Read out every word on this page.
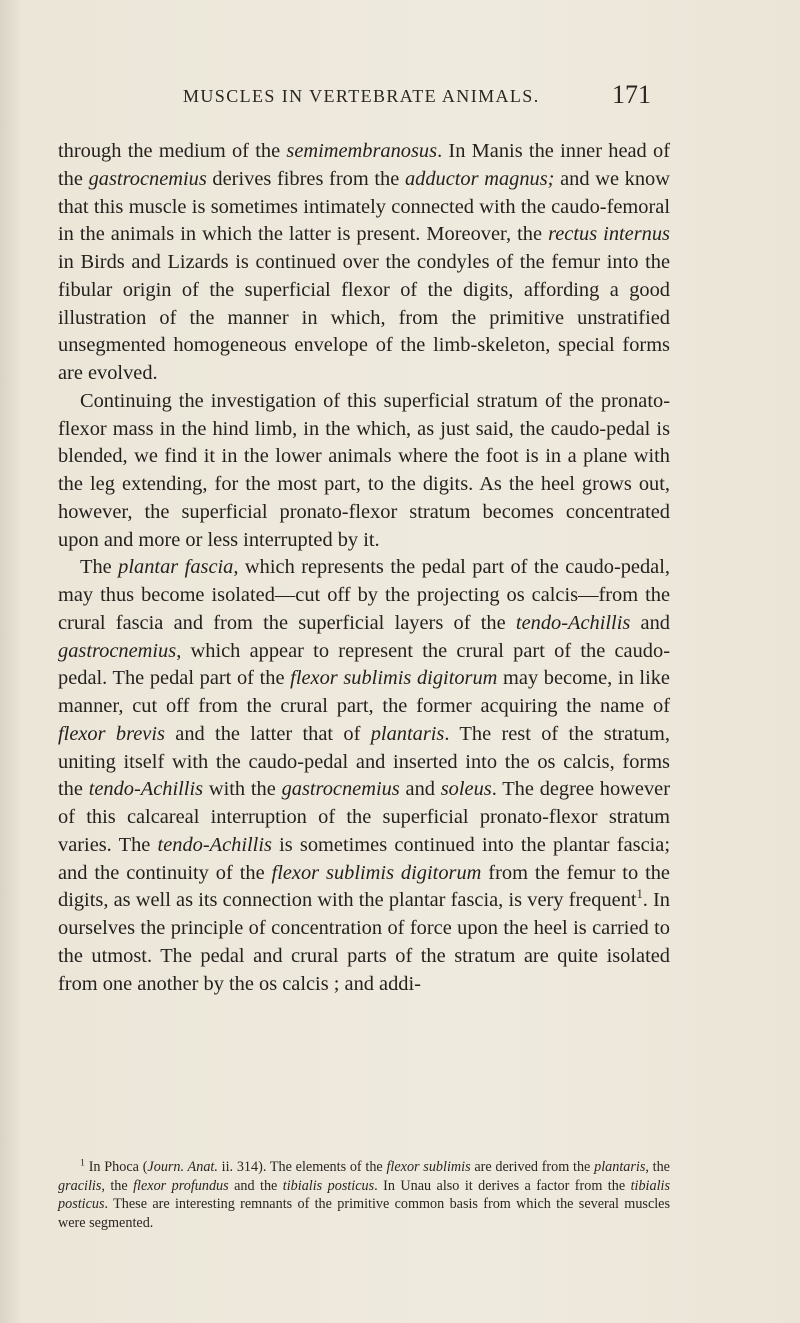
MUSCLES IN VERTEBRATE ANIMALS.	171

through the medium of the semimembranosus. In Manis the inner head of the gastrocnemius derives fibres from the adductor magnus; and we know that this muscle is sometimes intimately connected with the caudo-femoral in the animals in which the latter is present. Moreover, the rectus internus in Birds and Lizards is continued over the condyles of the femur into the fibular origin of the superficial flexor of the digits, affording a good illustration of the manner in which, from the primitive unstratified unsegmented homogeneous envelope of the limb-skeleton, special forms are evolved.

Continuing the investigation of this superficial stratum of the pronato-flexor mass in the hind limb, in the which, as just said, the caudo-pedal is blended, we find it in the lower animals where the foot is in a plane with the leg extending, for the most part, to the digits. As the heel grows out, however, the superficial pronato-flexor stratum becomes concentrated upon and more or less interrupted by it.

The plantar fascia, which represents the pedal part of the caudo-pedal, may thus become isolated—cut off by the projecting os calcis—from the crural fascia and from the superficial layers of the tendo-Achillis and gastrocnemius, which appear to represent the crural part of the caudo-pedal. The pedal part of the flexor sublimis digitorum may become, in like manner, cut off from the crural part, the former acquiring the name of flexor brevis and the latter that of plantaris. The rest of the stratum, uniting itself with the caudo-pedal and inserted into the os calcis, forms the tendo-Achillis with the gastrocnemius and soleus. The degree however of this calcareal interruption of the superficial pronato-flexor stratum varies. The tendo-Achillis is sometimes continued into the plantar fascia; and the continuity of the flexor sublimis digitorum from the femur to the digits, as well as its connection with the plantar fascia, is very frequent$^1$. In ourselves the principle of concentration of force upon the heel is carried to the utmost. The pedal and crural parts of the stratum are quite isolated from one another by the os calcis ; and addi-

$^1$ In Phoca (Journ. Anat. ii. 314). The elements of the flexor sublimis are derived from the plantaris, the gracilis, the flexor profundus and the tibialis posticus. In Unau also it derives a factor from the tibialis posticus. These are interesting remnants of the primitive common basis from which the several muscles were segmented.
